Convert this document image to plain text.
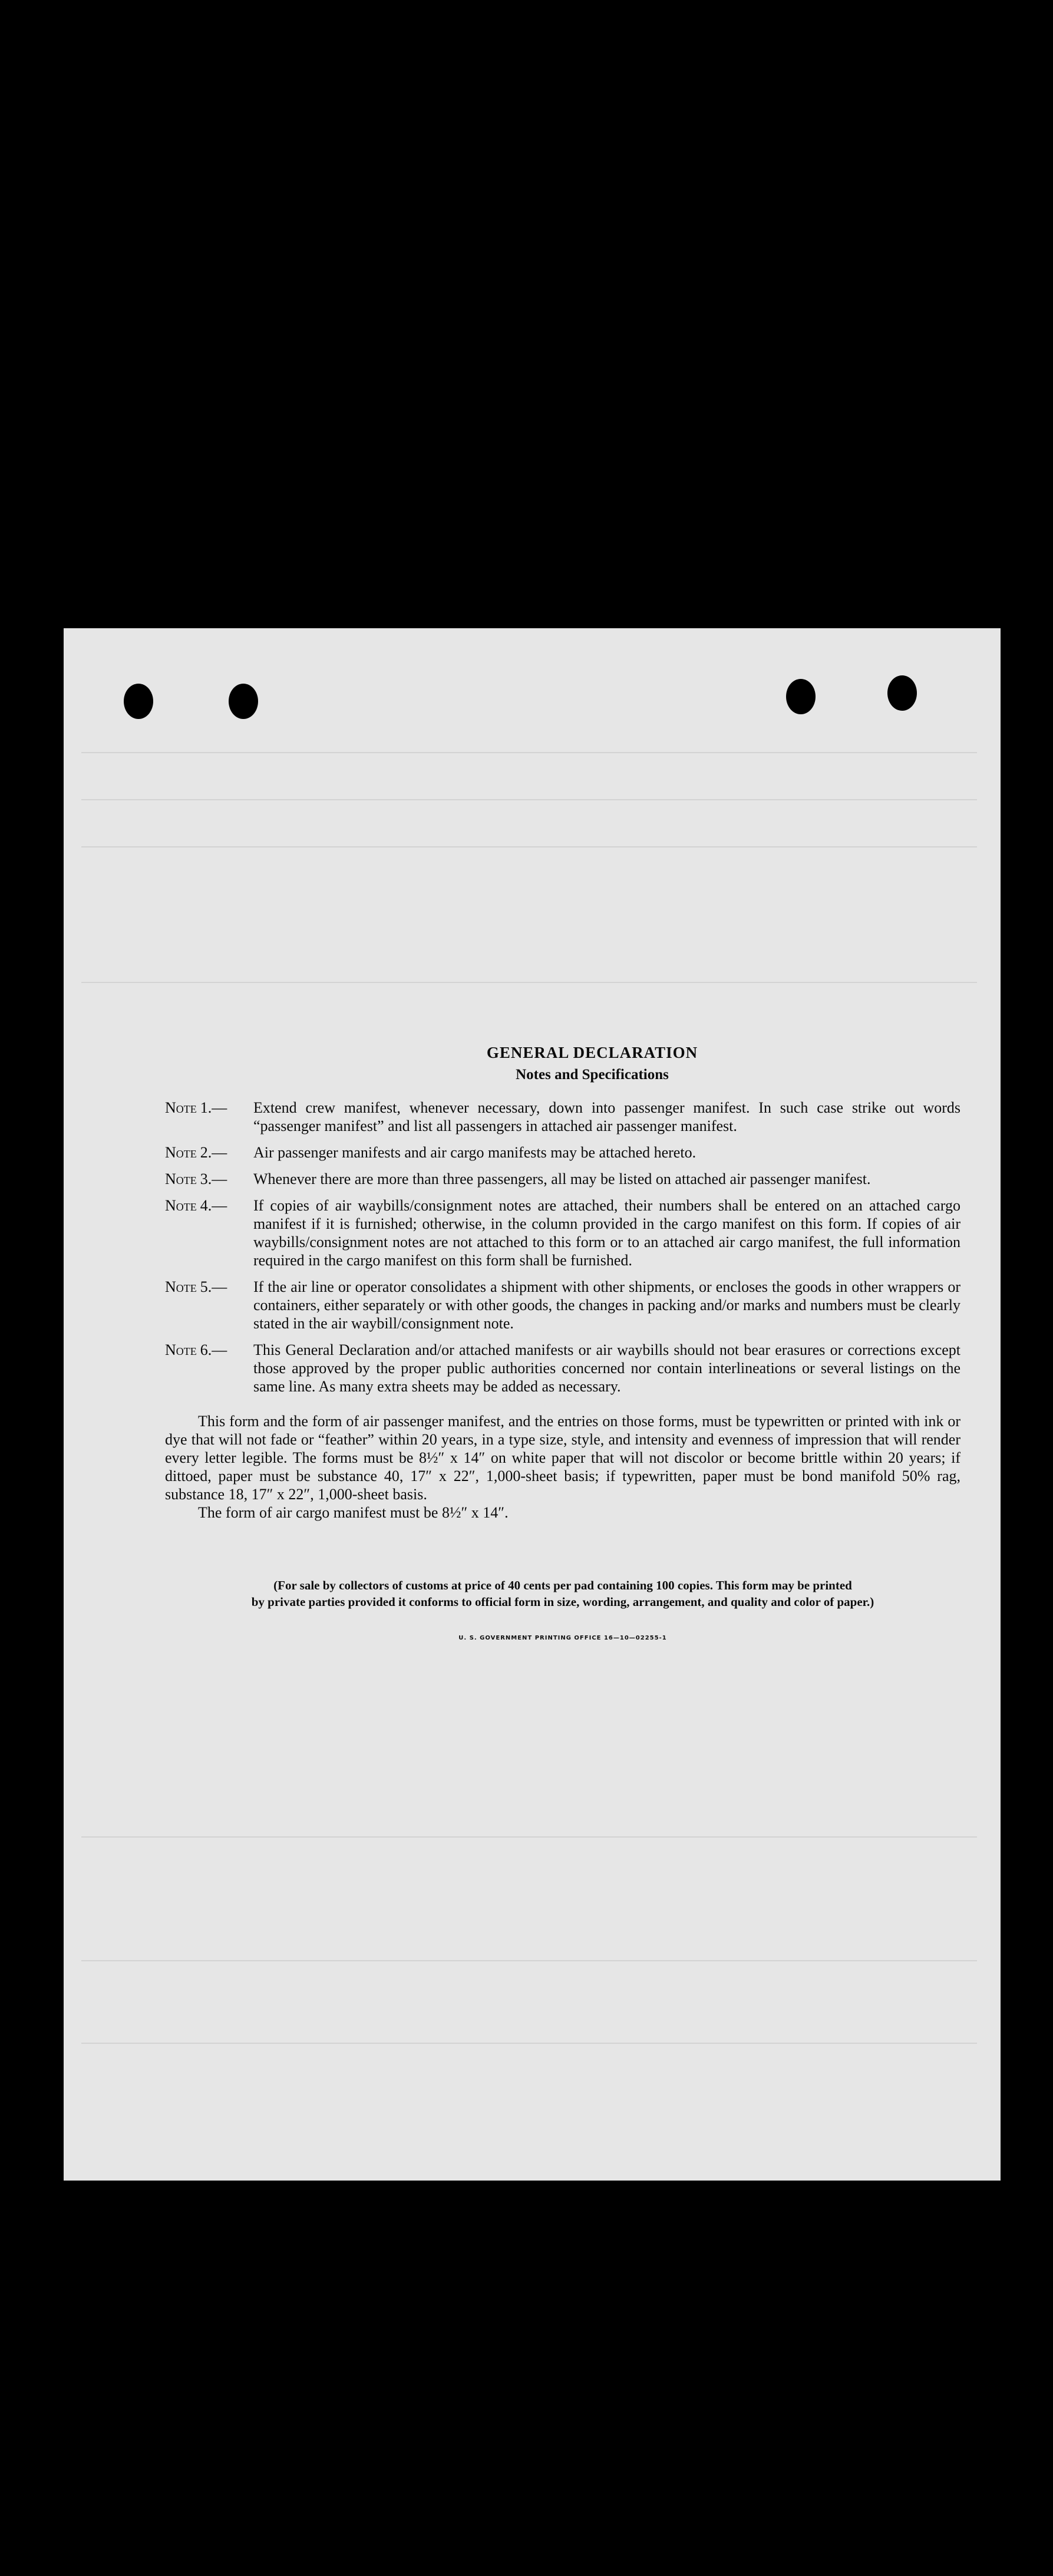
GENERAL DECLARATION
Notes and Specifications
Note 1.— Extend crew manifest, whenever necessary, down into passenger manifest. In such case strike out words “passenger manifest” and list all passengers in attached air passenger manifest.
Note 2.— Air passenger manifests and air cargo manifests may be attached hereto.
Note 3.— Whenever there are more than three passengers, all may be listed on attached air passenger manifest.
Note 4.— If copies of air waybills/consignment notes are attached, their numbers shall be entered on an attached cargo manifest if it is furnished; otherwise, in the column provided in the cargo manifest on this form. If copies of air waybills/consignment notes are not attached to this form or to an attached air cargo manifest, the full information required in the cargo manifest on this form shall be furnished.
Note 5.— If the air line or operator consolidates a shipment with other shipments, or encloses the goods in other wrappers or containers, either separately or with other goods, the changes in packing and/or marks and numbers must be clearly stated in the air waybill/consignment note.
Note 6.— This General Declaration and/or attached manifests or air waybills should not bear erasures or corrections except those approved by the proper public authorities concerned nor contain interlineations or several listings on the same line. As many extra sheets may be added as necessary.

This form and the form of air passenger manifest, and the entries on those forms, must be typewritten or printed with ink or dye that will not fade or “feather” within 20 years, in a type size, style, and intensity and evenness of impression that will render every letter legible. The forms must be 8½″ x 14″ on white paper that will not discolor or become brittle within 20 years; if dittoed, paper must be substance 40, 17″ x 22″, 1,000-sheet basis; if typewritten, paper must be bond manifold 50% rag, substance 18, 17″ x 22″, 1,000-sheet basis.

The form of air cargo manifest must be 8½″ x 14″.

(For sale by collectors of customs at price of 40 cents per pad containing 100 copies. This form may be printed
by private parties provided it conforms to official form in size, wording, arrangement, and quality and color of paper.)
U. S. GOVERNMENT PRINTING OFFICE 16—10—02255-1
